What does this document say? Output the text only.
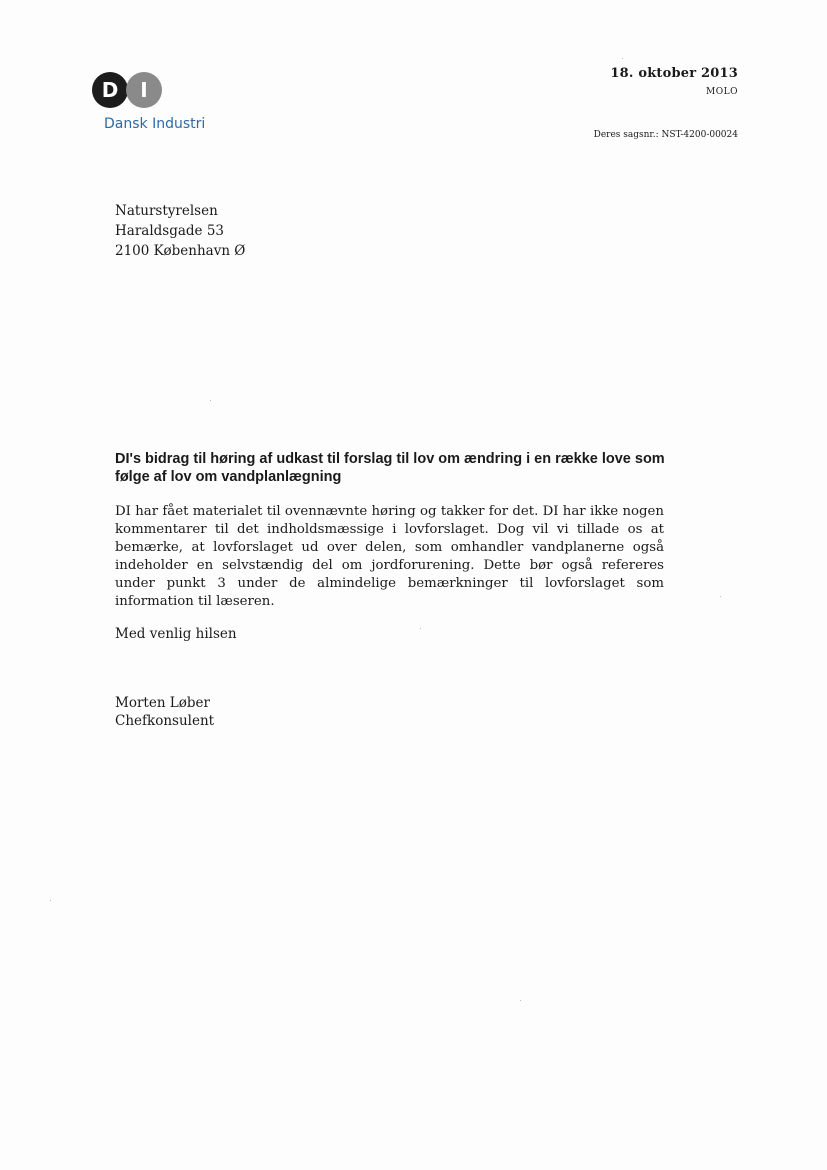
D	I
Dansk Industri
18. oktober 2013
MOLO
Deres sagsnr.: NST-4200-00024
Naturstyrelsen
Haraldsgade 53
2100 København Ø
DI's bidrag til høring af udkast til forslag til lov om ændring i en række love som følge af lov om vandplanlægning
DI har fået materialet til ovennævnte høring og takker for det. DI har ikke nogen kommentarer til det indholdsmæssige i lovforslaget. Dog vil vi tillade os at bemærke, at lovforslaget ud over delen, som omhandler vandplanerne også indeholder en selvstændig del om jordforurening. Dette bør også refereres under punkt 3 under de almindelige bemærkninger til lovforslaget som information til læseren.
Med venlig hilsen
Morten Løber
Chefkonsulent
